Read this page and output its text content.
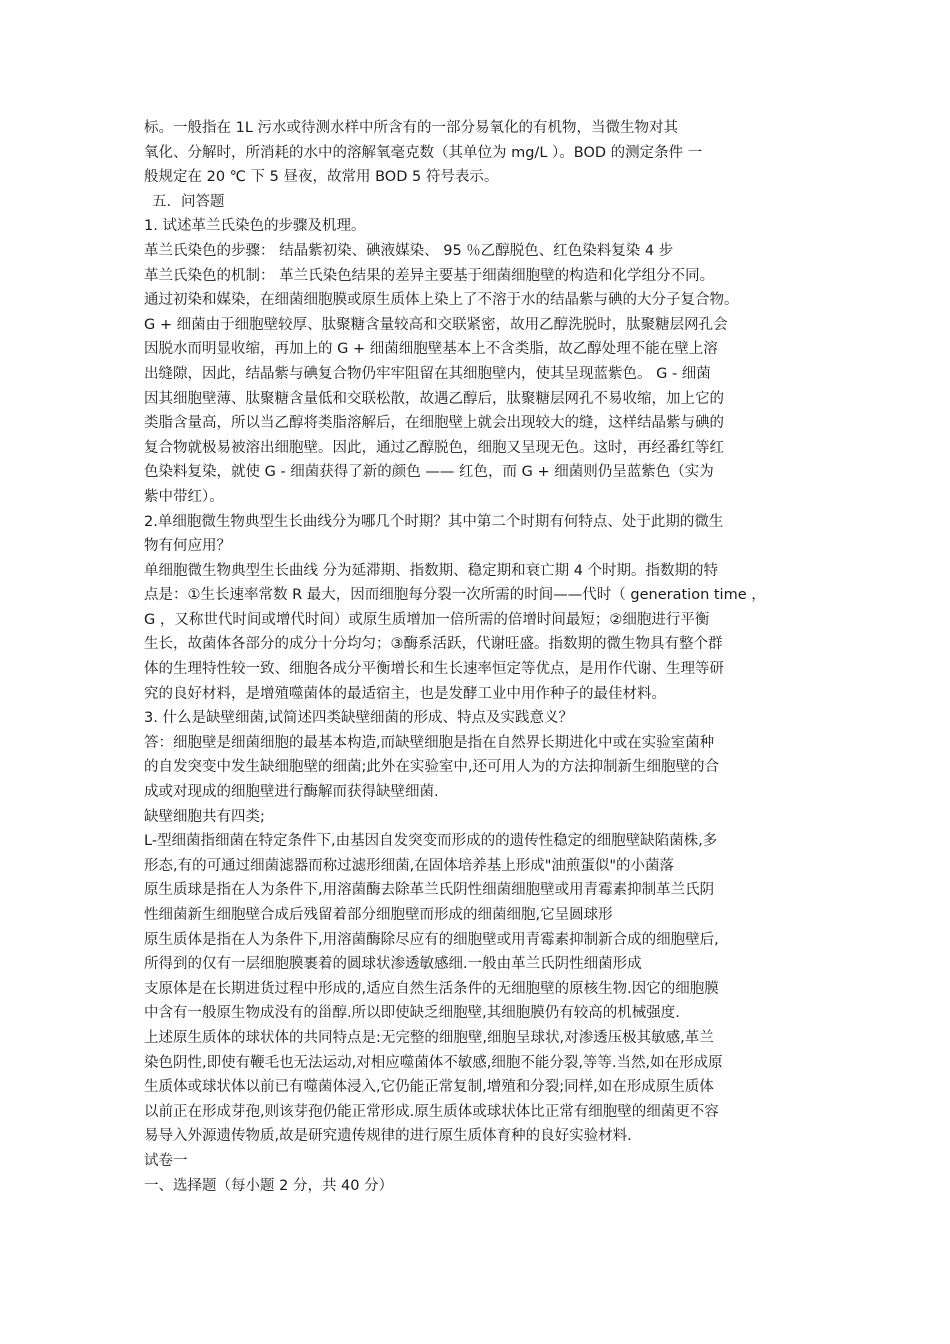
标。一般指在 1L 污水或待测水样中所含有的一部分易氧化的有机物，当微生物对其
氧化、分解时，所消耗的水中的溶解氧毫克数（其单位为 mg/L ）。BOD 的测定条件 一
般规定在 20 ℃ 下 5 昼夜，故常用 BOD 5 符号表示。
五．问答题
1. 试述革兰氏染色的步骤及机理。
革兰氏染色的步骤： 结晶紫初染、碘液媒染、 95 ％乙醇脱色、红色染料复染 4 步
革兰氏染色的机制： 革兰氏染色结果的差异主要基于细菌细胞壁的构造和化学组分不同。
通过初染和媒染，在细菌细胞膜或原生质体上染上了不溶于水的结晶紫与碘的大分子复合物。
G + 细菌由于细胞壁较厚、肽聚糖含量较高和交联紧密，故用乙醇洗脱时，肽聚糖层网孔会
因脱水而明显收缩，再加上的 G + 细菌细胞壁基本上不含类脂，故乙醇处理不能在壁上溶
出缝隙，因此，结晶紫与碘复合物仍牢牢阻留在其细胞壁内，使其呈现蓝紫色。 G - 细菌
因其细胞壁薄、肽聚糖含量低和交联松散，故遇乙醇后，肽聚糖层网孔不易收缩，加上它的
类脂含量高，所以当乙醇将类脂溶解后，在细胞壁上就会出现较大的缝，这样结晶紫与碘的
复合物就极易被溶出细胞壁。因此，通过乙醇脱色，细胞又呈现无色。这时，再经番红等红
色染料复染，就使 G - 细菌获得了新的颜色 —— 红色，而 G + 细菌则仍呈蓝紫色（实为
紫中带红）。
2.单细胞微生物典型生长曲线分为哪几个时期？其中第二个时期有何特点、处于此期的微生
物有何应用？
单细胞微生物典型生长曲线 分为延滞期、指数期、稳定期和衰亡期 4 个时期。指数期的特
点是：①生长速率常数 R 最大，因而细胞每分裂一次所需的时间——代时（ generation time ，
G ，又称世代时间或增代时间）或原生质增加一倍所需的倍增时间最短；②细胞进行平衡
生长，故菌体各部分的成分十分均匀；③酶系活跃，代谢旺盛。指数期的微生物具有整个群
体的生理特性较一致、细胞各成分平衡增长和生长速率恒定等优点，是用作代谢、生理等研
究的良好材料，是增殖噬菌体的最适宿主，也是发酵工业中用作种子的最佳材料。
3. 什么是缺壁细菌,试简述四类缺壁细菌的形成、特点及实践意义？
答：细胞壁是细菌细胞的最基本构造,而缺壁细胞是指在自然界长期进化中或在实验室菌种
的自发突变中发生缺细胞壁的细菌;此外在实验室中,还可用人为的方法抑制新生细胞壁的合
成或对现成的细胞壁进行酶解而获得缺壁细菌.
缺壁细胞共有四类;
L-型细菌指细菌在特定条件下,由基因自发突变而形成的的遗传性稳定的细胞壁缺陷菌株,多
形态,有的可通过细菌滤器而称过滤形细菌,在固体培养基上形成"油煎蛋似"的小菌落
原生质球是指在人为条件下,用溶菌酶去除革兰氏阴性细菌细胞壁或用青霉素抑制革兰氏阴
性细菌新生细胞壁合成后残留着部分细胞壁而形成的细菌细胞,它呈圆球形
原生质体是指在人为条件下,用溶菌酶除尽应有的细胞壁或用青霉素抑制新合成的细胞壁后,
所得到的仅有一层细胞膜裹着的圆球状渗透敏感细.一般由革兰氏阴性细菌形成
支原体是在长期进货过程中形成的,适应自然生活条件的无细胞壁的原核生物.因它的细胞膜
中含有一般原生物成没有的甾醇.所以即使缺乏细胞壁,其细胞膜仍有较高的机械强度.
上述原生质体的球状体的共同特点是:无完整的细胞壁,细胞呈球状,对渗透压极其敏感,革兰
染色阴性,即使有鞭毛也无法运动,对相应噬菌体不敏感,细胞不能分裂,等等.当然,如在形成原
生质体或球状体以前已有噬菌体浸入,它仍能正常复制,增殖和分裂;同样,如在形成原生质体
以前正在形成芽孢,则该芽孢仍能正常形成.原生质体或球状体比正常有细胞壁的细菌更不容
易导入外源遗传物质,故是研究遗传规律的进行原生质体育种的良好实验材料.
试卷一
一、选择题（每小题 2 分，共 40 分）
